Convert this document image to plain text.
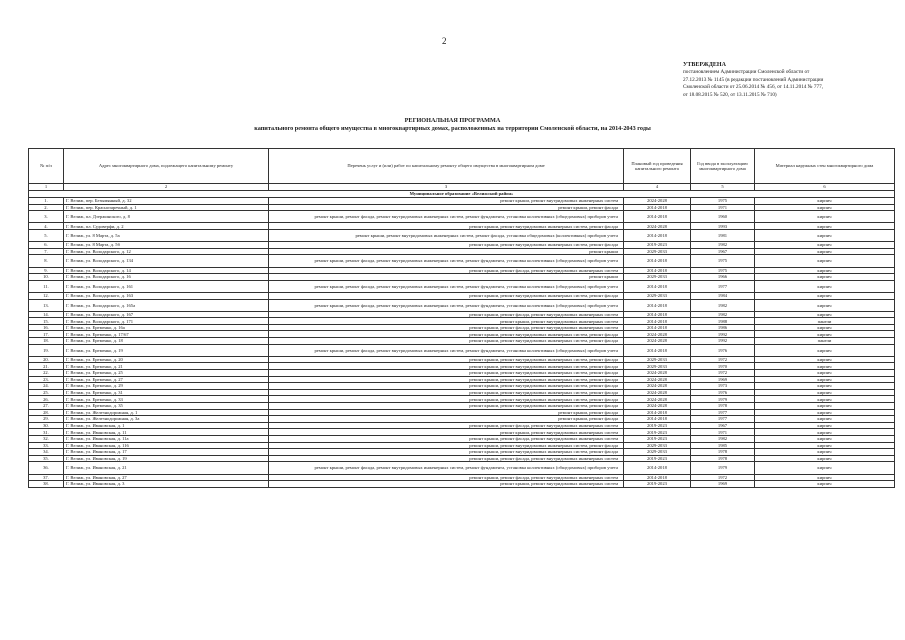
2
УТВЕРЖДЕНА
постановлением Администрации Смоленской области от
27.12.2013 № 1145 (в редакции постановлений Администрации
Смоленской области от 25.06.2014 № 456, от 14.11.2014 № 777,
от 18.08.2015 № 520, от 13.11.2015 № 710)
РЕГИОНАЛЬНАЯ ПРОГРАММА
капитального ремонта общего имущества в многоквартирных домах, расположенных на территории Смоленской области, на 2014-2043 годы
№ п/п	Адрес многоквартирного дома, подлежащего капитальному ремонту	Перечень услуг и (или) работ по капитальному ремонту общего имущества в многоквартирном доме	Плановый год проведения капитального ремонта	Год ввода в эксплуатацию многоквартирного дома	Материал наружных стен многоквартирного дома
1	2	3	4	5	6
Муниципальное образование «Велижский район»					
1.	Г. Велиж, пер. Безымянный, д. 32	ремонт крыши, ремонт внутридомовых инженерных систем	2024-2028	1975	кирпич
2.	Г. Велиж, пер. Краснозаречный, д. 1	ремонт крыши, ремонт фасада	2014-2018	1971	кирпич
3.	Г. Велиж, пл. Дзержинского, д. 8	ремонт крыши, ремонт фасада, ремонт внутридомовых инженерных систем, ремонт фундамента, установка коллективных (общедомовых) приборов учета	2014-2018	1960	кирпич
4.	Г. Велиж, пл. Судоверфи, д. 2	ремонт крыши, ремонт внутридомовых инженерных систем, ремонт фасада	2024-2028	1993	кирпич
5.	Г. Велиж, ул. 8 Марта, д. 5а	ремонт крыши, ремонт внутридомовых инженерных систем, ремонт фасада, установка общедомовых (коллективных) приборов учета	2014-2018	1981	кирпич
6.	Г. Велиж, ул. 8 Марта, д. 5б	ремонт крыши, ремонт внутридомовых инженерных систем, ремонт фасада	2019-2023	1982	кирпич
7.	Г. Велиж, ул. Володарского, д. 12	ремонт крыши	2029-2033	1967	кирпич
8.	Г. Велиж, ул. Володарского, д. 134	ремонт крыши, ремонт фасада, ремонт внутридомовых инженерных систем, ремонт фундамента, установка коллективных (общедомовых) приборов учета	2014-2018	1975	кирпич
9.	Г. Велиж, ул. Володарского, д. 14	ремонт крыши, ремонт фасада, ремонт внутридомовых инженерных систем	2014-2018	1975	кирпич
10.	Г. Велиж, ул. Володарского, д. 16	ремонт крыши	2029-2033	1966	кирпич
11.	Г. Велиж, ул. Володарского, д. 161	ремонт крыши, ремонт фасада, ремонт внутридомовых инженерных систем, ремонт фундамента, установка коллективных (общедомовых) приборов учета	2014-2018	1977	кирпич
12.	Г. Велиж, ул. Володарского, д. 163	ремонт крыши, ремонт внутридомовых инженерных систем, ремонт фасада	2029-2033	1984	кирпич
13.	Г. Велиж, ул. Володарского, д. 165а	ремонт крыши, ремонт фасада, ремонт внутридомовых инженерных систем, ремонт фундамента, установка коллективных (общедомовых) приборов учета	2014-2018	1982	кирпич
14.	Г. Велиж, ул. Володарского, д. 167	ремонт крыши, ремонт фасада, ремонт внутридомовых инженерных систем	2014-2018	1982	кирпич
15.	Г. Велиж, ул. Володарского, д. 171	ремонт крыши, ремонт внутридомовых инженерных систем	2014-2018	1988	панели
16.	Г. Велиж, ул. Еременко, д. 16а	ремонт крыши, ремонт фасада, ремонт внутридомовых инженерных систем	2014-2018	1986	кирпич
17.	Г. Велиж, ул. Еременко, д. 17/67	ремонт крыши, ремонт внутридомовых инженерных систем, ремонт фасада	2024-2028	1992	кирпич
18.	Г. Велиж, ул. Еременко, д. 18	ремонт крыши, ремонт внутридомовых инженерных систем, ремонт фасада	2024-2028	1992	панели
19.	Г. Велиж, ул. Еременко, д. 19	ремонт крыши, ремонт фасада, ремонт внутридомовых инженерных систем, ремонт фундамента, установка коллективных (общедомовых) приборов учета	2014-2018	1976	кирпич
20.	Г. Велиж, ул. Еременко, д. 20	ремонт крыши, ремонт внутридомовых инженерных систем, ремонт фасада	2029-2033	1972	кирпич
21.	Г. Велиж, ул. Еременко, д. 21	ремонт крыши, ремонт внутридомовых инженерных систем, ремонт фасада	2029-2033	1970	кирпич
22.	Г. Велиж, ул. Еременко, д. 25	ремонт крыши, ремонт внутридомовых инженерных систем, ремонт фасада	2024-2028	1972	кирпич
23.	Г. Велиж, ул. Еременко, д. 27	ремонт крыши, ремонт внутридомовых инженерных систем, ремонт фасада	2024-2028	1969	кирпич
24.	Г. Велиж, ул. Еременко, д. 29	ремонт крыши, ремонт внутридомовых инженерных систем, ремонт фасада	2024-2028	1973	кирпич
25.	Г. Велиж, ул. Еременко, д. 31	ремонт крыши, ремонт внутридомовых инженерных систем, ремонт фасада	2024-2028	1976	кирпич
26.	Г. Велиж, ул. Еременко, д. 33	ремонт крыши, ремонт внутридомовых инженерных систем, ремонт фасада	2024-2028	1979	кирпич
27.	Г. Велиж, ул. Еременко, д. 35	ремонт крыши, ремонт внутридомовых инженерных систем, ремонт фасада	2024-2028	1978	кирпич
28.	Г. Велиж, ул. Железнодорожная, д. 1	ремонт крыши, ремонт фасада	2014-2018	1977	кирпич
29.	Г. Велиж, ул. Железнодорожная, д. 3а	ремонт крыши, ремонт фасада	2014-2018	1977	кирпич
30.	Г. Велиж, ул. Ивановская, д. 1	ремонт крыши, ремонт фасада, ремонт внутридомовых инженерных систем	2019-2023	1967	кирпич
31.	Г. Велиж, ул. Ивановская, д. 11	ремонт крыши, ремонт внутридомовых инженерных систем	2019-2023	1971	кирпич
32.	Г. Велиж, ул. Ивановская, д. 11а	ремонт крыши, ремонт фасада, ремонт внутридомовых инженерных систем	2019-2023	1982	кирпич
33.	Г. Велиж, ул. Ивановская, д. 116	ремонт крыши, ремонт внутридомовых инженерных систем, ремонт фасада	2029-2033	1985	кирпич
34.	Г. Велиж, ул. Ивановская, д. 17	ремонт крыши, ремонт внутридомовых инженерных систем, ремонт фасада	2029-2033	1978	кирпич
35.	Г. Велиж, ул. Ивановская, д. 19	ремонт крыши, ремонт фасада, ремонт внутридомовых инженерных систем	2019-2023	1978	кирпич
36.	Г. Велиж, ул. Ивановская, д. 21	ремонт крыши, ремонт фасада, ремонт внутридомовых инженерных систем, ремонт фундамента, установка коллективных (общедомовых) приборов учета	2014-2018	1979	кирпич
37.	Г. Велиж, ул. Ивановская, д. 27	ремонт крыши, ремонт фасада, ремонт внутридомовых инженерных систем	2014-2018	1972	кирпич
38.	Г. Велиж, ул. Ивановская, д. 3	ремонт крыши, ремонт внутридомовых инженерных систем	2019-2023	1969	кирпич
